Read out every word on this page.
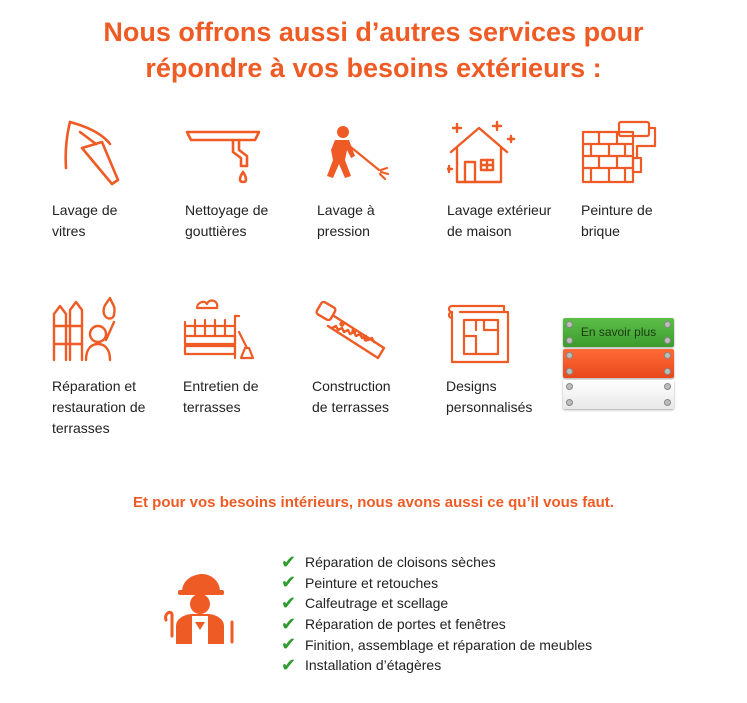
Nous offrons aussi d’autres services pour
répondre à vos besoins extérieurs :
Lavage de
vitres
Nettoyage de
gouttières
Lavage à
pression
Lavage extérieur
de maison
Peinture de
brique
Réparation et
restauration de
terrasses
Entretien de
terrasses
Construction
de terrasses
Designs
personnalisés
En savoir plus
Et pour vos besoins intérieurs, nous avons aussi ce qu’il vous faut.
✔ Réparation de cloisons sèches
✔ Peinture et retouches
✔ Calfeutrage et scellage
✔ Réparation de portes et fenêtres
✔ Finition, assemblage et réparation de meubles
✔ Installation d’étagères
